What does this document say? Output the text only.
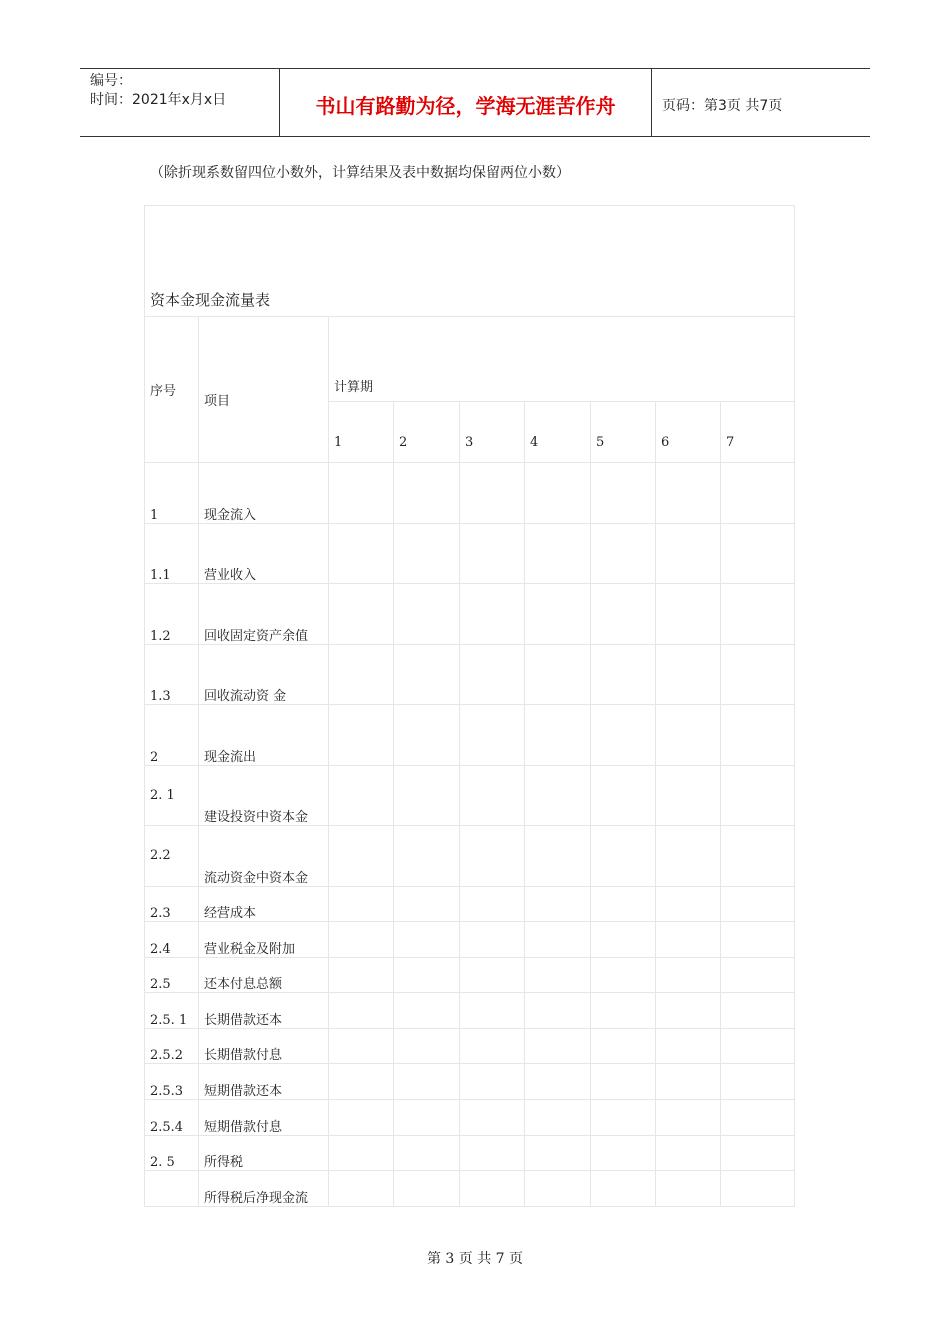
编号：
时间：2021年x月x日	书山有路勤为径，学海无涯苦作舟	页码：第3页 共7页
（除折现系数留四位小数外，计算结果及表中数据均保留两位小数）
资本金现金流量表								
序号	项目	计算期						
		1	2	3	4	5	6	7
1	现金流入							
1.1	营业收入							
1.2	回收固定资产余值							
1.3	回收流动资 金							
2	现金流出							
2. 1	建设投资中资本金							
2.2	流动资金中资本金							
2.3	经营成本							
2.4	营业税金及附加							
2.5	还本付息总额							
2.5. 1	长期借款还本							
2.5.2	长期借款付息							
2.5.3	短期借款还本							
2.5.4	短期借款付息							
2. 5	所得税							
	所得税后净现金流							
第 3 页 共 7 页
